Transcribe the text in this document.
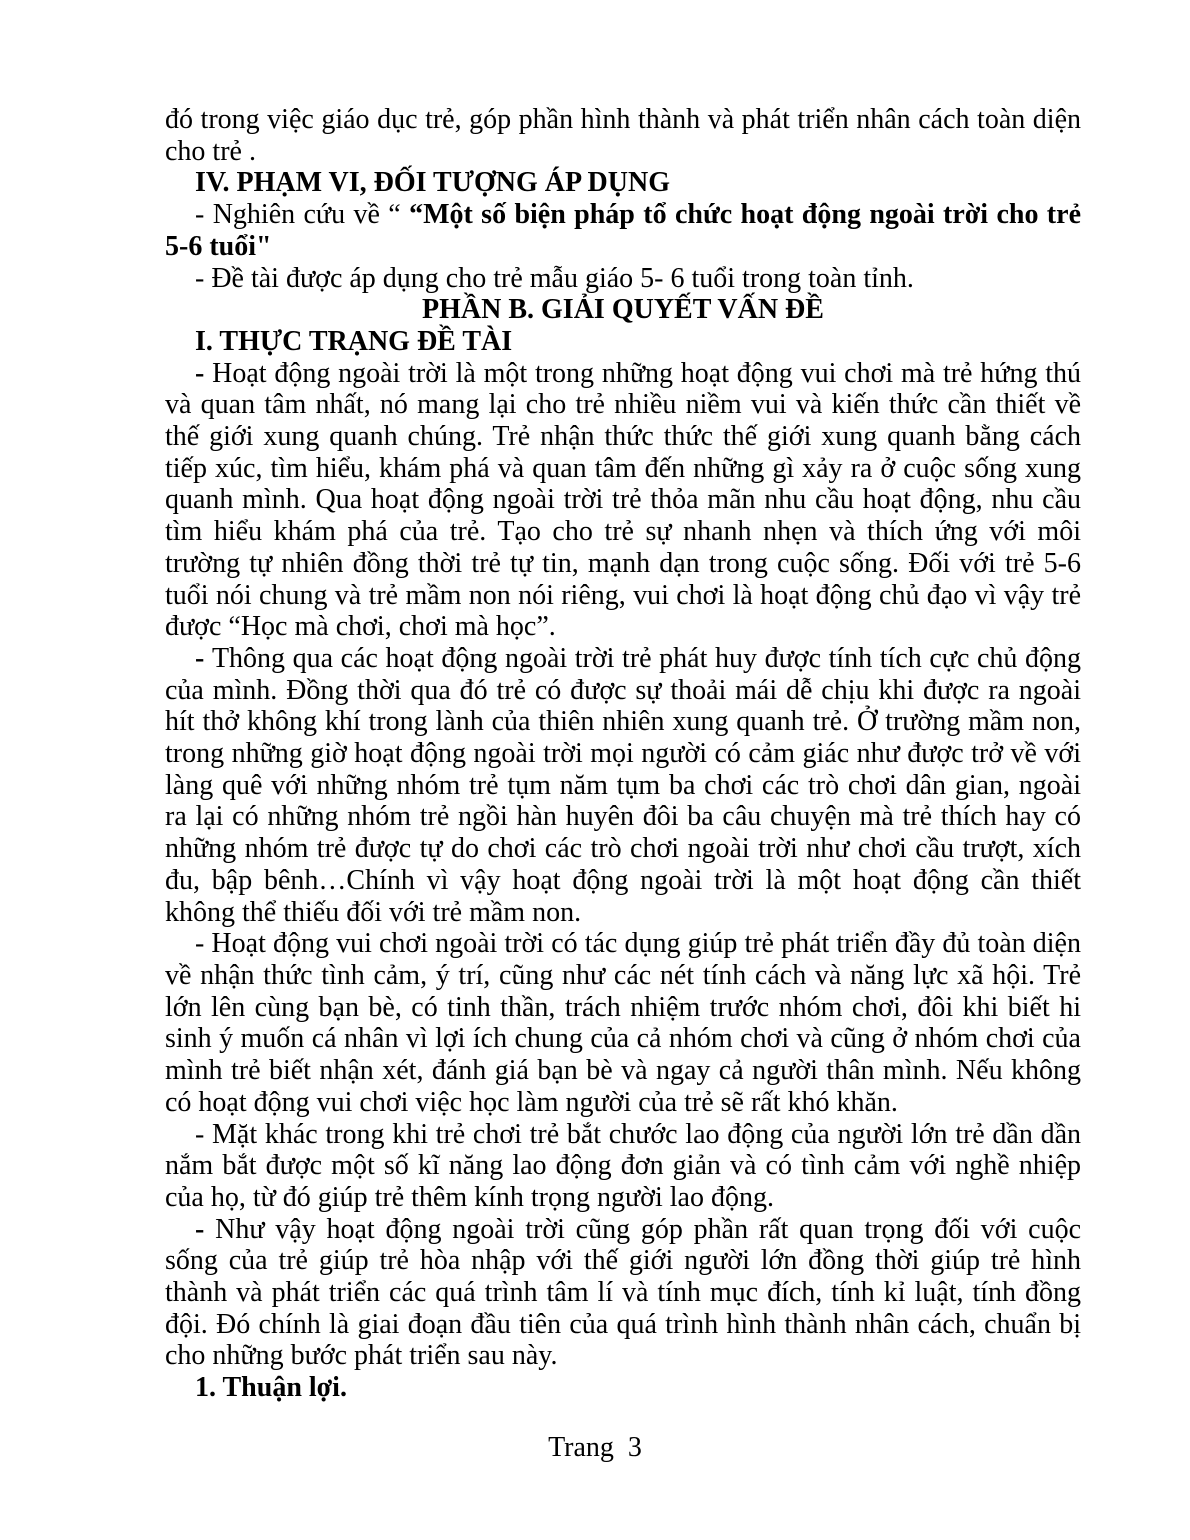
đó trong việc giáo dục trẻ, góp phần hình thành và phát triển nhân cách toàn diện cho trẻ .

IV. PHẠM VI, ĐỐI TƯỢNG ÁP DỤNG

- Nghiên cứu về “ “Một số biện pháp tổ chức hoạt động ngoài trời cho trẻ 5-6 tuổi"

- Đề tài được áp dụng cho trẻ mẫu giáo 5- 6 tuổi trong toàn tỉnh.

PHẦN B. GIẢI QUYẾT VẤN ĐỀ

I. THỰC TRẠNG ĐỀ TÀI

- Hoạt động ngoài trời là một trong những hoạt động vui chơi mà trẻ hứng thú và quan tâm nhất, nó mang lại cho trẻ nhiều niềm vui và kiến thức cần thiết về thế giới xung quanh chúng. Trẻ nhận thức thức thế giới xung quanh bằng cách tiếp xúc, tìm hiểu, khám phá và quan tâm đến những gì xảy ra ở cuộc sống xung quanh mình. Qua hoạt động ngoài trời trẻ thỏa mãn nhu cầu hoạt động, nhu cầu tìm hiểu khám phá của trẻ. Tạo cho trẻ sự nhanh nhẹn và thích ứng với môi trường tự nhiên đồng thời trẻ tự tin, mạnh dạn trong cuộc sống. Đối với trẻ 5-6 tuổi nói chung và trẻ mầm non nói riêng, vui chơi là hoạt động chủ đạo vì vậy trẻ được “Học mà chơi, chơi mà học”.

- Thông qua các hoạt động ngoài trời trẻ phát huy được tính tích cực chủ động của mình. Đồng thời qua đó trẻ có được sự thoải mái dễ chịu khi được ra ngoài hít thở không khí trong lành của thiên nhiên xung quanh trẻ. Ở trường mầm non, trong những giờ hoạt động ngoài trời mọi người có cảm giác như được trở về với làng quê với những nhóm trẻ tụm năm tụm ba chơi các trò chơi dân gian, ngoài ra lại có những nhóm trẻ ngồi hàn huyên đôi ba câu chuyện mà trẻ thích hay có những nhóm trẻ được tự do chơi các trò chơi ngoài trời như chơi cầu trượt, xích đu, bập bênh…Chính vì vậy hoạt động ngoài trời là một hoạt động cần thiết không thể thiếu đối với trẻ mầm non.

- Hoạt động vui chơi ngoài trời có tác dụng giúp trẻ phát triển đầy đủ toàn diện về nhận thức tình cảm, ý trí, cũng như các nét tính cách và năng lực xã hội. Trẻ lớn lên cùng bạn bè, có tinh thần, trách nhiệm trước nhóm chơi, đôi khi biết hi sinh ý muốn cá nhân vì lợi ích chung của cả nhóm chơi và cũng ở nhóm chơi của mình trẻ biết nhận xét, đánh giá bạn bè và ngay cả người thân mình. Nếu không có hoạt động vui chơi việc học làm người của trẻ sẽ rất khó khăn.

- Mặt khác trong khi trẻ chơi trẻ bắt chước lao động của người lớn trẻ dần dần nắm bắt được một số kĩ năng lao động đơn giản và có tình cảm với nghề nhiệp của họ, từ đó giúp trẻ thêm kính trọng người lao động.

- Như vậy hoạt động ngoài trời cũng góp phần rất quan trọng đối với cuộc sống của trẻ giúp trẻ hòa nhập với thế giới người lớn đồng thời giúp trẻ hình thành và phát triển các quá trình tâm lí và tính mục đích, tính kỉ luật, tính đồng đội. Đó chính là giai đoạn đầu tiên của quá trình hình thành nhân cách, chuẩn bị cho những bước phát triển sau này.

1. Thuận lợi.

Trang  3
